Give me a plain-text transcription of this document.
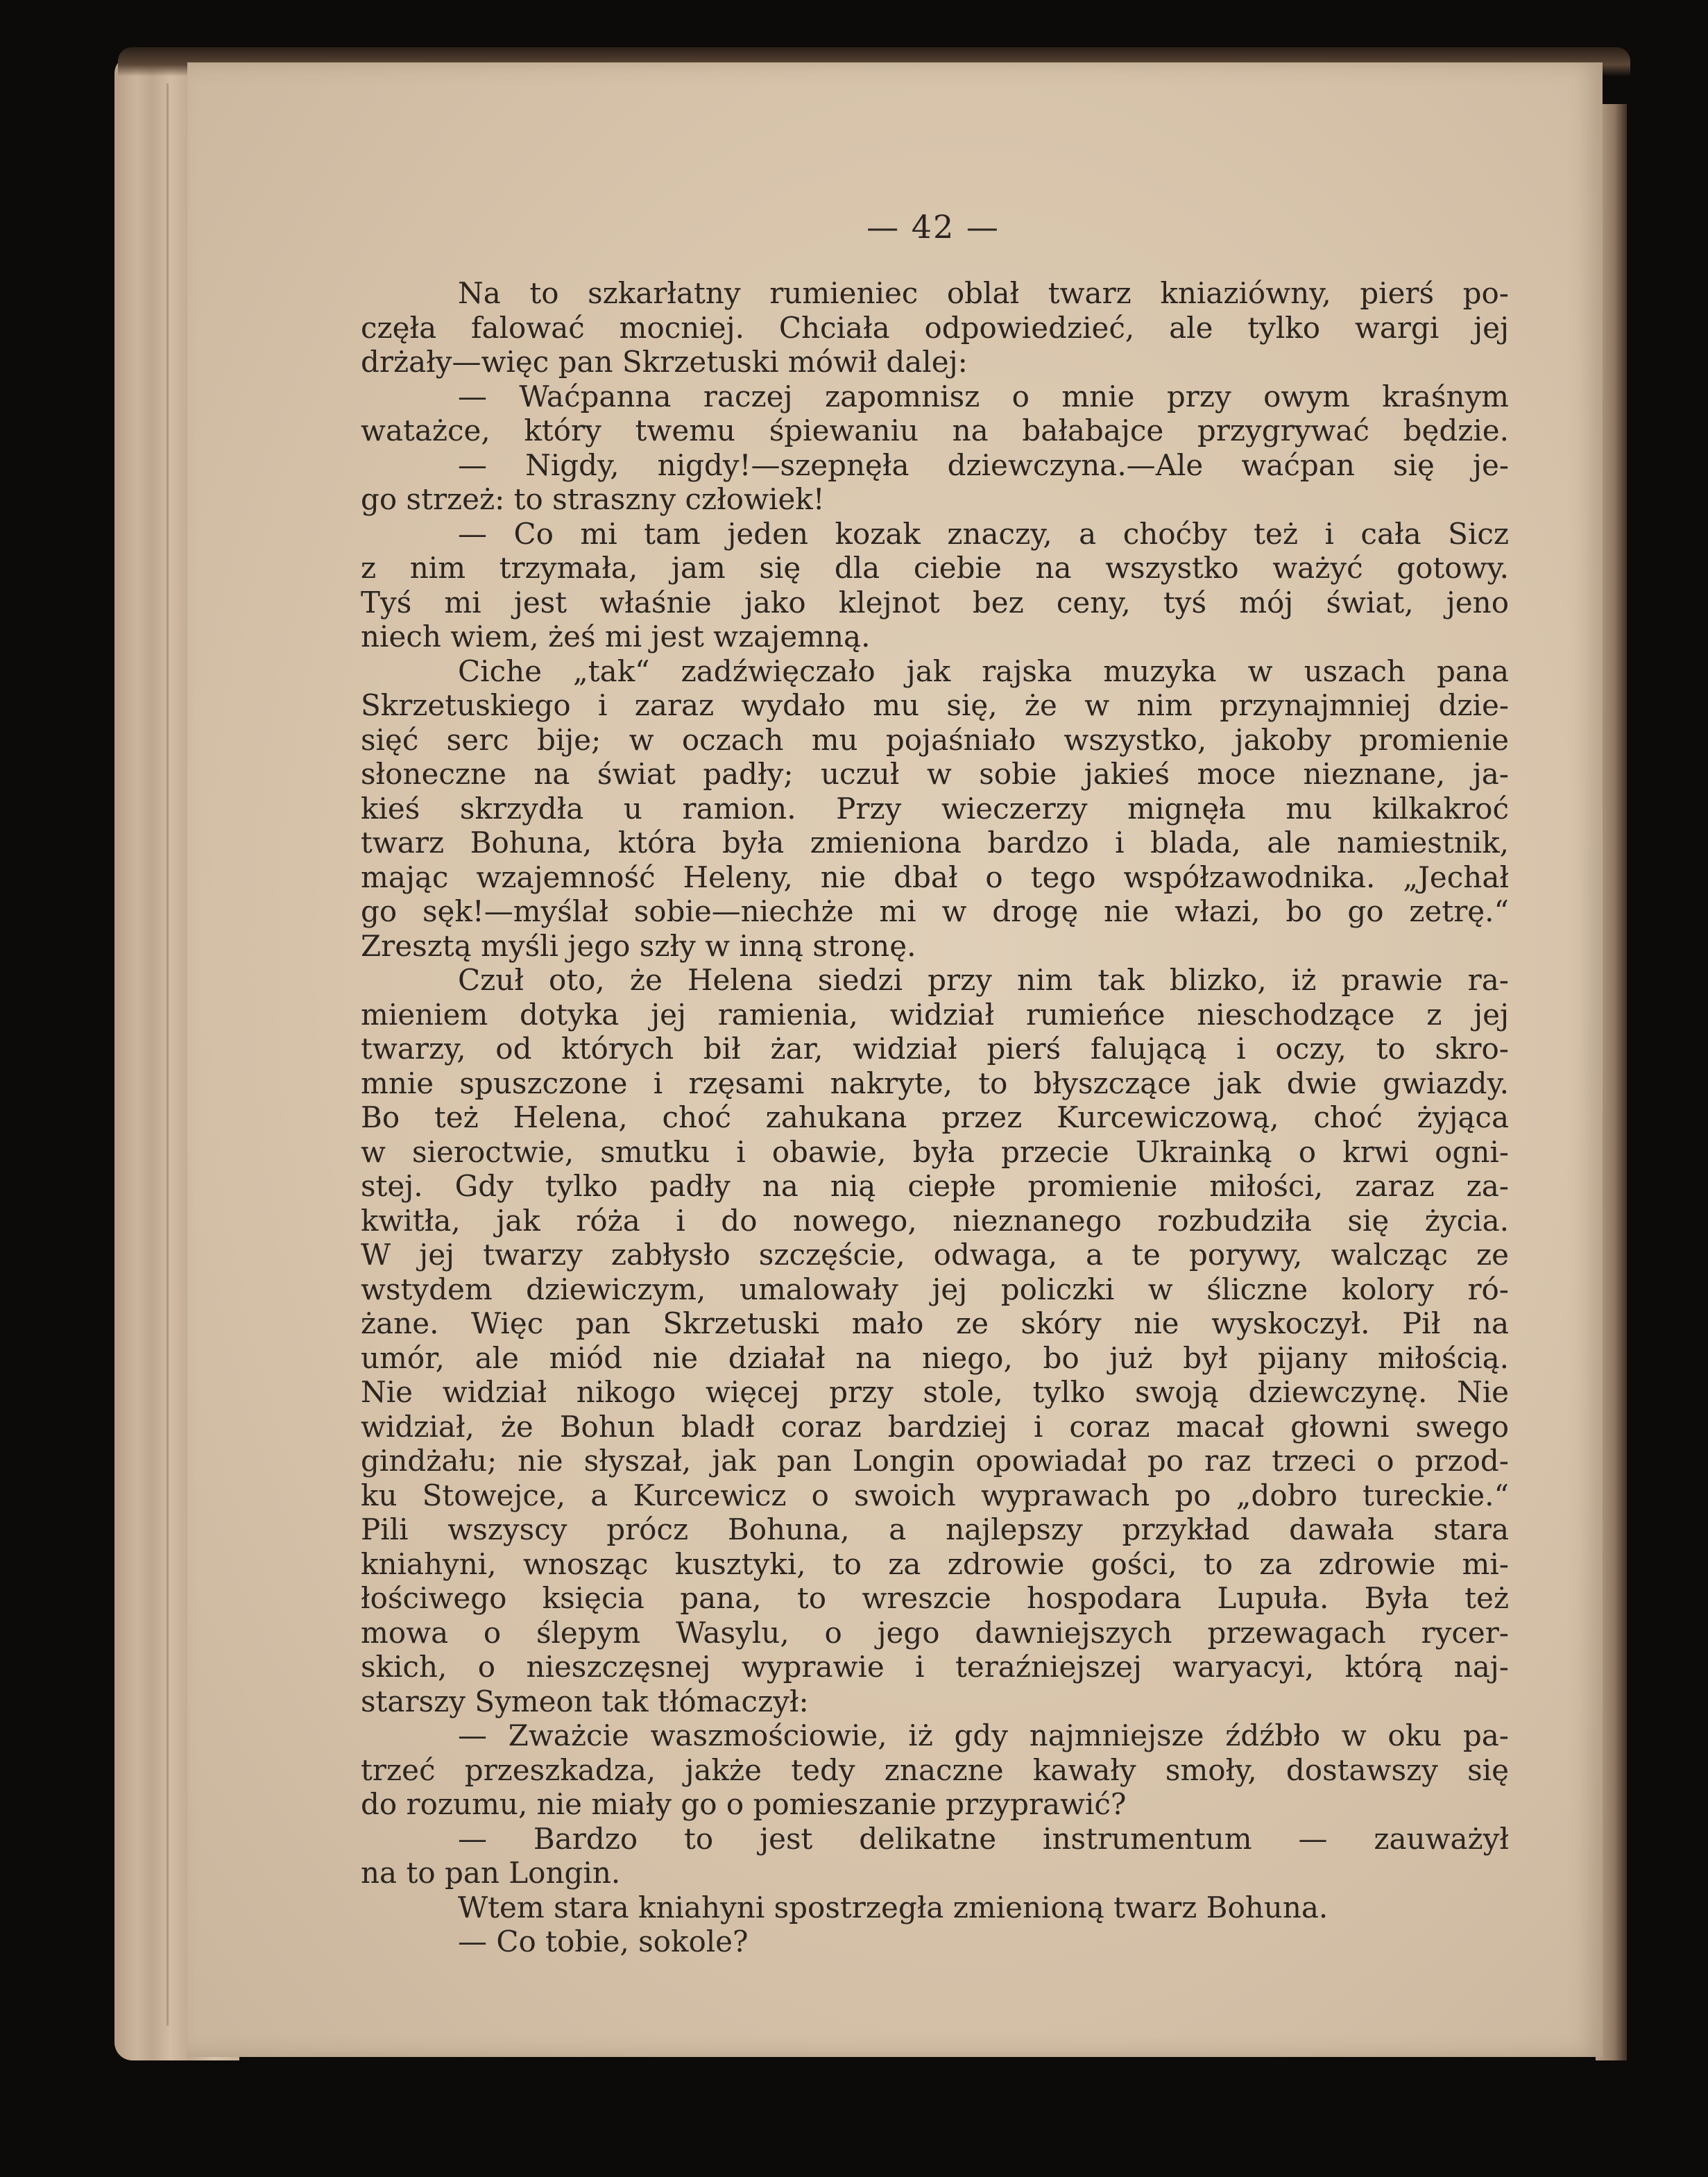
— 42 —
Na to szkarłatny rumieniec oblał twarz kniaziówny, pierś po-
częła falować mocniej. Chciała odpowiedzieć, ale tylko wargi jej
drżały—więc pan Skrzetuski mówił dalej:
— Waćpanna raczej zapomnisz o mnie przy owym kraśnym
watażce, który twemu śpiewaniu na bałabajce przygrywać będzie.
— Nigdy, nigdy!—szepnęła dziewczyna.—Ale waćpan się je-
go strzeż: to straszny człowiek!
— Co mi tam jeden kozak znaczy, a choćby też i cała Sicz
z nim trzymała, jam się dla ciebie na wszystko ważyć gotowy.
Tyś mi jest właśnie jako klejnot bez ceny, tyś mój świat, jeno
niech wiem, żeś mi jest wzajemną.
Ciche „tak“ zadźwięczało jak rajska muzyka w uszach pana
Skrzetuskiego i zaraz wydało mu się, że w nim przynajmniej dzie-
sięć serc bije; w oczach mu pojaśniało wszystko, jakoby promienie
słoneczne na świat padły; uczuł w sobie jakieś moce nieznane, ja-
kieś skrzydła u ramion. Przy wieczerzy mignęła mu kilkakroć
twarz Bohuna, która była zmieniona bardzo i blada, ale namiestnik,
mając wzajemność Heleny, nie dbał o tego współzawodnika. „Jechał
go sęk!—myślał sobie—niechże mi w drogę nie włazi, bo go zetrę.“
Zresztą myśli jego szły w inną stronę.
Czuł oto, że Helena siedzi przy nim tak blizko, iż prawie ra-
mieniem dotyka jej ramienia, widział rumieńce nieschodzące z jej
twarzy, od których bił żar, widział pierś falującą i oczy, to skro-
mnie spuszczone i rzęsami nakryte, to błyszczące jak dwie gwiazdy.
Bo też Helena, choć zahukana przez Kurcewiczową, choć żyjąca
w sieroctwie, smutku i obawie, była przecie Ukrainką o krwi ogni-
stej. Gdy tylko padły na nią ciepłe promienie miłości, zaraz za-
kwitła, jak róża i do nowego, nieznanego rozbudziła się życia.
W jej twarzy zabłysło szczęście, odwaga, a te porywy, walcząc ze
wstydem dziewiczym, umalowały jej policzki w śliczne kolory ró-
żane. Więc pan Skrzetuski mało ze skóry nie wyskoczył. Pił na
umór, ale miód nie działał na niego, bo już był pijany miłością.
Nie widział nikogo więcej przy stole, tylko swoją dziewczynę. Nie
widział, że Bohun bladł coraz bardziej i coraz macał głowni swego
gindżału; nie słyszał, jak pan Longin opowiadał po raz trzeci o przod-
ku Stowejce, a Kurcewicz o swoich wyprawach po „dobro tureckie.“
Pili wszyscy prócz Bohuna, a najlepszy przykład dawała stara
kniahyni, wnosząc kusztyki, to za zdrowie gości, to za zdrowie mi-
łościwego księcia pana, to wreszcie hospodara Lupuła. Była też
mowa o ślepym Wasylu, o jego dawniejszych przewagach rycer-
skich, o nieszczęsnej wyprawie i teraźniejszej waryacyi, którą naj-
starszy Symeon tak tłómaczył:
— Zważcie waszmościowie, iż gdy najmniejsze źdźbło w oku pa-
trzeć przeszkadza, jakże tedy znaczne kawały smoły, dostawszy się
do rozumu, nie miały go o pomieszanie przyprawić?
— Bardzo to jest delikatne instrumentum — zauważył
na to pan Longin.
Wtem stara kniahyni spostrzegła zmienioną twarz Bohuna.
— Co tobie, sokole?
